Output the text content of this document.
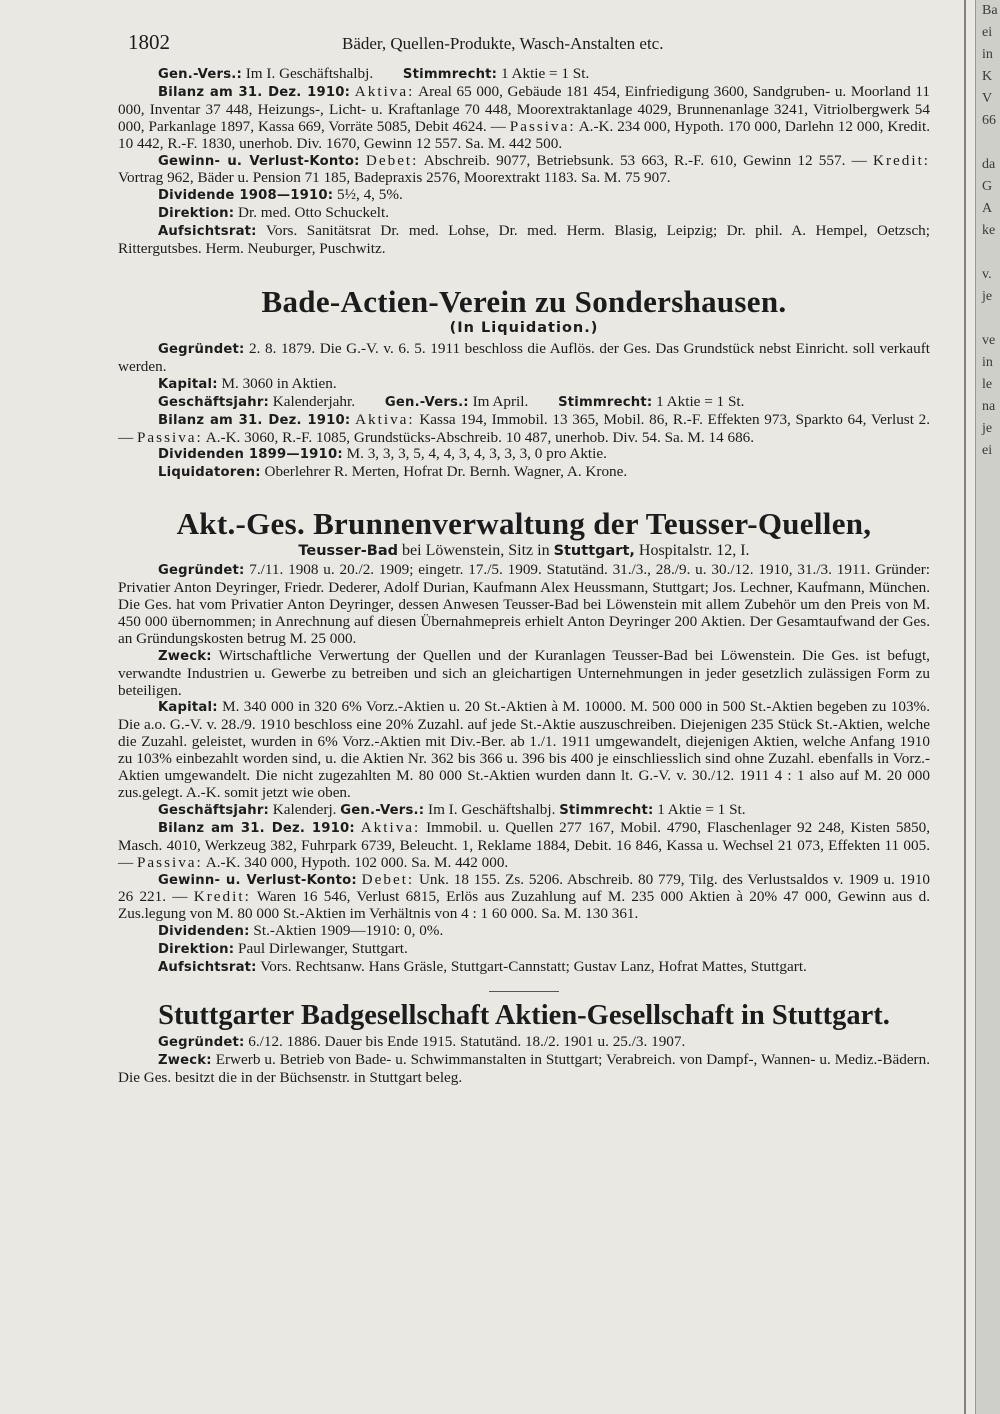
Ba
ei
in
K
V
66

da
G
A
ke

v.
je

ve
in
le
na
je
ei
1802	Bäder, Quellen-Produkte, Wasch-Anstalten etc.

Gen.-Vers.: Im I. Geschäftshalbj. Stimmrecht: 1 Aktie = 1 St.

Bilanz am 31. Dez. 1910: Aktiva: Areal 65 000, Gebäude 181 454, Einfriedigung 3600, Sandgruben- u. Moorland 11 000, Inventar 37 448, Heizungs-, Licht- u. Kraftanlage 70 448, Moorextraktanlage 4029, Brunnenanlage 3241, Vitriolbergwerk 54 000, Parkanlage 1897, Kassa 669, Vorräte 5085, Debit 4624. — Passiva: A.-K. 234 000, Hypoth. 170 000, Darlehn 12 000, Kredit. 10 442, R.-F. 1830, unerhob. Div. 1670, Gewinn 12 557. Sa. M. 442 500.

Gewinn- u. Verlust-Konto: Debet: Abschreib. 9077, Betriebsunk. 53 663, R.-F. 610, Gewinn 12 557. — Kredit: Vortrag 962, Bäder u. Pension 71 185, Badepraxis 2576, Moorextrakt 1183. Sa. M. 75 907.

Dividende 1908—1910: 5½, 4, 5%.

Direktion: Dr. med. Otto Schuckelt.

Aufsichtsrat: Vors. Sanitätsrat Dr. med. Lohse, Dr. med. Herm. Blasig, Leipzig; Dr. phil. A. Hempel, Oetzsch; Rittergutsbes. Herm. Neuburger, Puschwitz.

Bade-Actien-Verein zu Sondershausen.
(In Liquidation.)

Gegründet: 2. 8. 1879. Die G.-V. v. 6. 5. 1911 beschloss die Auflös. der Ges. Das Grundstück nebst Einricht. soll verkauft werden.

Kapital: M. 3060 in Aktien.

Geschäftsjahr: Kalenderjahr. Gen.-Vers.: Im April. Stimmrecht: 1 Aktie = 1 St.

Bilanz am 31. Dez. 1910: Aktiva: Kassa 194, Immobil. 13 365, Mobil. 86, R.-F. Effekten 973, Sparkto 64, Verlust 2. — Passiva: A.-K. 3060, R.-F. 1085, Grundstücks-Abschreib. 10 487, unerhob. Div. 54. Sa. M. 14 686.

Dividenden 1899—1910: M. 3, 3, 3, 5, 4, 4, 3, 4, 3, 3, 3, 0 pro Aktie.

Liquidatoren: Oberlehrer R. Merten, Hofrat Dr. Bernh. Wagner, A. Krone.

Akt.-Ges. Brunnenverwaltung der Teusser-Quellen,
Teusser-Bad bei Löwenstein, Sitz in Stuttgart, Hospitalstr. 12, I.

Gegründet: 7./11. 1908 u. 20./2. 1909; eingetr. 17./5. 1909. Statutänd. 31./3., 28./9. u. 30./12. 1910, 31./3. 1911. Gründer: Privatier Anton Deyringer, Friedr. Dederer, Adolf Durian, Kaufmann Alex Heussmann, Stuttgart; Jos. Lechner, Kaufmann, München. Die Ges. hat vom Privatier Anton Deyringer, dessen Anwesen Teusser-Bad bei Löwenstein mit allem Zubehör um den Preis von M. 450 000 übernommen; in Anrechnung auf diesen Übernahmepreis erhielt Anton Deyringer 200 Aktien. Der Gesamtaufwand der Ges. an Gründungskosten betrug M. 25 000.

Zweck: Wirtschaftliche Verwertung der Quellen und der Kuranlagen Teusser-Bad bei Löwenstein. Die Ges. ist befugt, verwandte Industrien u. Gewerbe zu betreiben und sich an gleichartigen Unternehmungen in jeder gesetzlich zulässigen Form zu beteiligen.

Kapital: M. 340 000 in 320 6% Vorz.-Aktien u. 20 St.-Aktien à M. 10000. M. 500 000 in 500 St.-Aktien begeben zu 103%. Die a.o. G.-V. v. 28./9. 1910 beschloss eine 20% Zuzahl. auf jede St.-Aktie auszuschreiben. Diejenigen 235 Stück St.-Aktien, welche die Zuzahl. geleistet, wurden in 6% Vorz.-Aktien mit Div.-Ber. ab 1./1. 1911 umgewandelt, diejenigen Aktien, welche Anfang 1910 zu 103% einbezahlt worden sind, u. die Aktien Nr. 362 bis 366 u. 396 bis 400 je einschliesslich sind ohne Zuzahl. ebenfalls in Vorz.-Aktien umgewandelt. Die nicht zugezahlten M. 80 000 St.-Aktien wurden dann lt. G.-V. v. 30./12. 1911 4 : 1 also auf M. 20 000 zus.gelegt. A.-K. somit jetzt wie oben.

Geschäftsjahr: Kalenderj. Gen.-Vers.: Im I. Geschäftshalbj. Stimmrecht: 1 Aktie = 1 St.

Bilanz am 31. Dez. 1910: Aktiva: Immobil. u. Quellen 277 167, Mobil. 4790, Flaschenlager 92 248, Kisten 5850, Masch. 4010, Werkzeug 382, Fuhrpark 6739, Beleucht. 1, Reklame 1884, Debit. 16 846, Kassa u. Wechsel 21 073, Effekten 11 005. — Passiva: A.-K. 340 000, Hypoth. 102 000. Sa. M. 442 000.

Gewinn- u. Verlust-Konto: Debet: Unk. 18 155. Zs. 5206. Abschreib. 80 779, Tilg. des Verlustsaldos v. 1909 u. 1910 26 221. — Kredit: Waren 16 546, Verlust 6815, Erlös aus Zuzahlung auf M. 235 000 Aktien à 20% 47 000, Gewinn aus d. Zus.legung von M. 80 000 St.-Aktien im Verhältnis von 4 : 1 60 000. Sa. M. 130 361.

Dividenden: St.-Aktien 1909—1910: 0, 0%.

Direktion: Paul Dirlewanger, Stuttgart.

Aufsichtsrat: Vors. Rechtsanw. Hans Gräsle, Stuttgart-Cannstatt; Gustav Lanz, Hofrat Mattes, Stuttgart.

Stuttgarter Badgesellschaft Aktien-Gesellschaft in Stuttgart.

Gegründet: 6./12. 1886. Dauer bis Ende 1915. Statutänd. 18./2. 1901 u. 25./3. 1907.

Zweck: Erwerb u. Betrieb von Bade- u. Schwimmanstalten in Stuttgart; Verabreich. von Dampf-, Wannen- u. Mediz.-Bädern. Die Ges. besitzt die in der Büchsenstr. in Stuttgart beleg.
